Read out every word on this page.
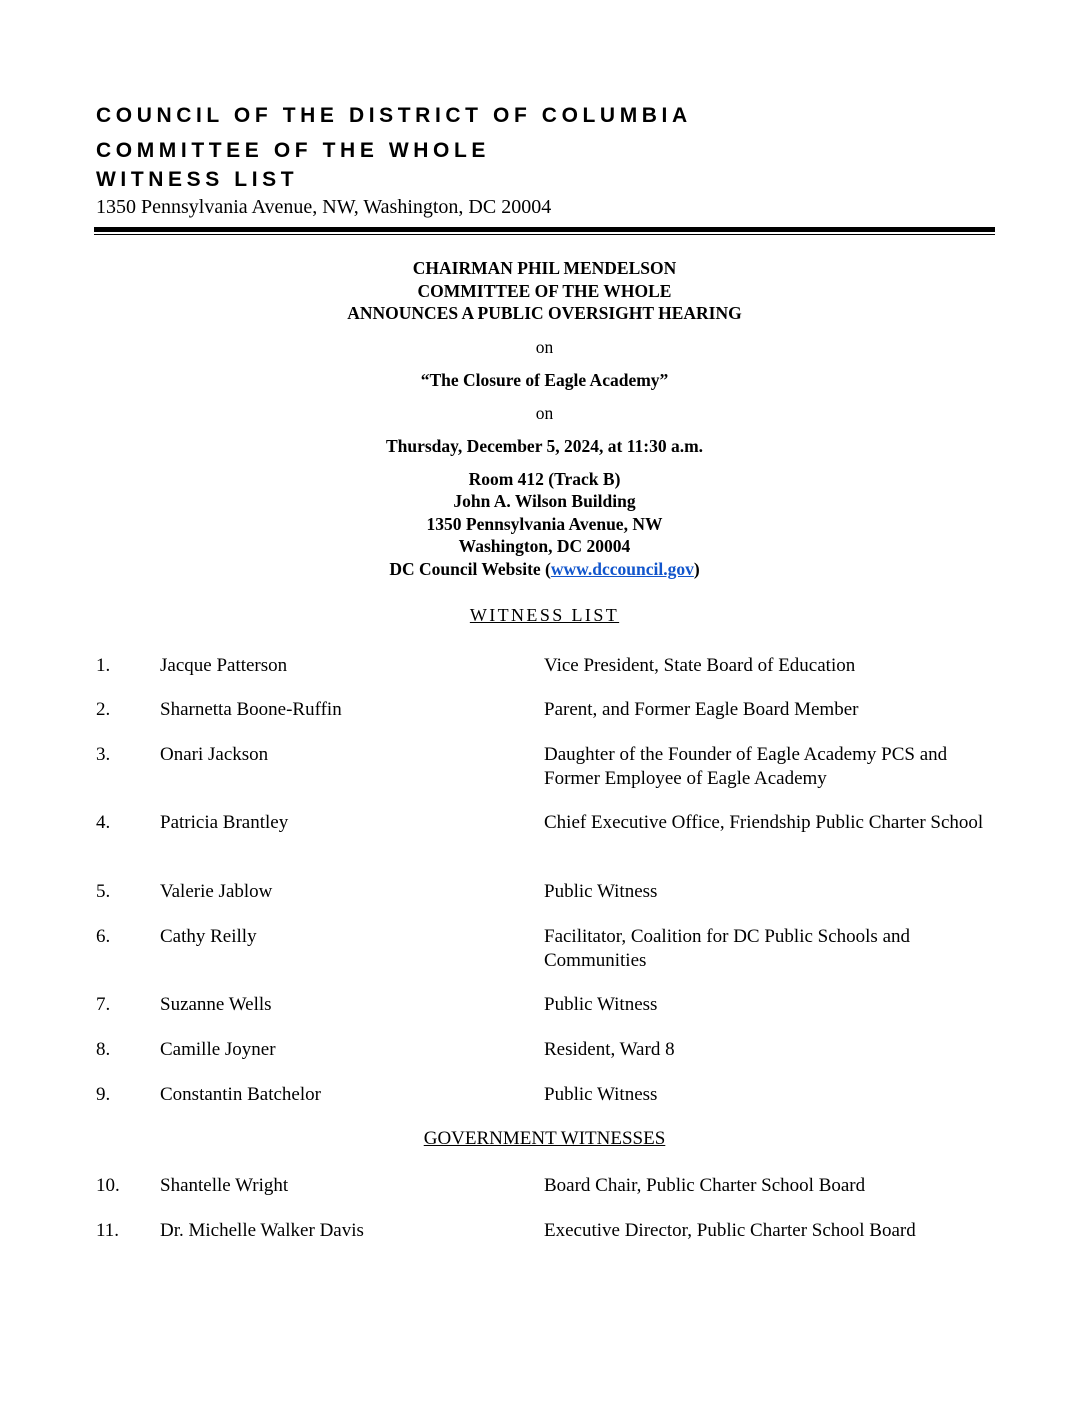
COUNCIL OF THE DISTRICT OF COLUMBIA
COMMITTEE OF THE WHOLE
WITNESS LIST
1350 Pennsylvania Avenue, NW, Washington, DC 20004
CHAIRMAN PHIL MENDELSON
COMMITTEE OF THE WHOLE
ANNOUNCES A PUBLIC OVERSIGHT HEARING
on
“The Closure of Eagle Academy”
on
Thursday, December 5, 2024, at 11:30 a.m.
Room 412 (Track B)
John A. Wilson Building
1350 Pennsylvania Avenue, NW
Washington, DC 20004
DC Council Website (www.dccouncil.gov)
WITNESS LIST
1.	Jacque Patterson	Vice President, State Board of Education
2.	Sharnetta Boone-Ruffin	Parent, and Former Eagle Board Member
3.	Onari Jackson	Daughter of the Founder of Eagle Academy PCS and Former Employee of Eagle Academy
4.	Patricia Brantley	Chief Executive Office, Friendship Public Charter School
5.	Valerie Jablow	Public Witness
6.	Cathy Reilly	Facilitator, Coalition for DC Public Schools and Communities
7.	Suzanne Wells	Public Witness
8.	Camille Joyner	Resident, Ward 8
9.	Constantin Batchelor	Public Witness
GOVERNMENT WITNESSES
10. Shantelle Wright	Board Chair, Public Charter School Board
11. Dr. Michelle Walker Davis	Executive Director, Public Charter School Board
